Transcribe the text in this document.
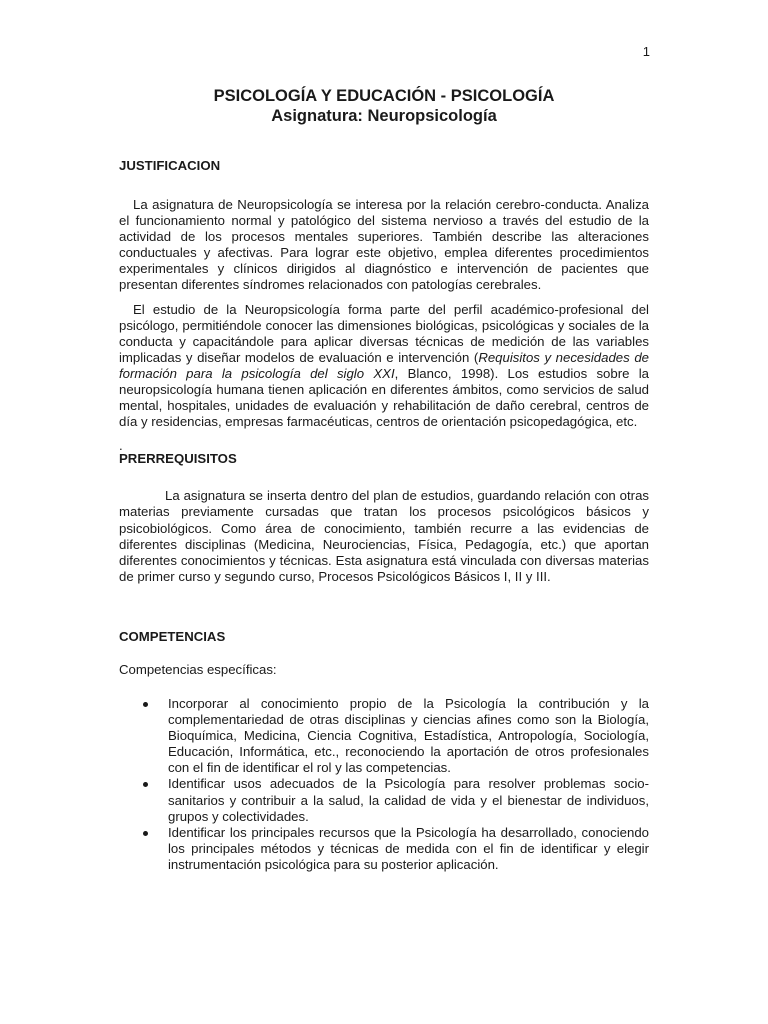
1
PSICOLOGÍA Y EDUCACIÓN - PSICOLOGÍA
Asignatura: Neuropsicología
JUSTIFICACION

La asignatura de Neuropsicología se interesa por la relación cerebro-conducta. Analiza el funcionamiento normal y patológico del sistema nervioso a través del estudio de la actividad de los procesos mentales superiores. También describe las alteraciones conductuales y afectivas. Para lograr este objetivo, emplea diferentes procedimientos experimentales y clínicos dirigidos al diagnóstico e intervención de pacientes que presentan diferentes síndromes relacionados con patologías cerebrales.

El estudio de la Neuropsicología forma parte del perfil académico-profesional del psicólogo, permitiéndole conocer las dimensiones biológicas, psicológicas y sociales de la conducta y capacitándole para aplicar diversas técnicas de medición de las variables implicadas y diseñar modelos de evaluación e intervención (Requisitos y necesidades de formación para la psicología del siglo XXI, Blanco, 1998). Los estudios sobre la neuropsicología humana tienen aplicación en diferentes ámbitos, como servicios de salud mental, hospitales, unidades de evaluación y rehabilitación de daño cerebral, centros de día y residencias, empresas farmacéuticas, centros de orientación psicopedagógica, etc.

.
PRERREQUISITOS

La asignatura se inserta dentro del plan de estudios, guardando relación con otras materias previamente cursadas que tratan los procesos psicológicos básicos y psicobiológicos. Como área de conocimiento, también recurre a las evidencias de diferentes disciplinas (Medicina, Neurociencias, Física, Pedagogía, etc.) que aportan diferentes conocimientos y técnicas. Esta asignatura está vinculada con diversas materias de primer curso y segundo curso, Procesos Psicológicos Básicos I, II y III.

COMPETENCIAS

Competencias específicas:

Incorporar al conocimiento propio de la Psicología la contribución y la complementariedad de otras disciplinas y ciencias afines como son la Biología, Bioquímica, Medicina, Ciencia Cognitiva, Estadística, Antropología, Sociología, Educación, Informática, etc., reconociendo la aportación de otros profesionales con el fin de identificar el rol y las competencias.
Identificar usos adecuados de la Psicología para resolver problemas socio-sanitarios y contribuir a la salud, la calidad de vida y el bienestar de individuos, grupos y colectividades.
Identificar los principales recursos que la Psicología ha desarrollado, conociendo los principales métodos y técnicas de medida con el fin de identificar y elegir instrumentación psicológica para su posterior aplicación.
